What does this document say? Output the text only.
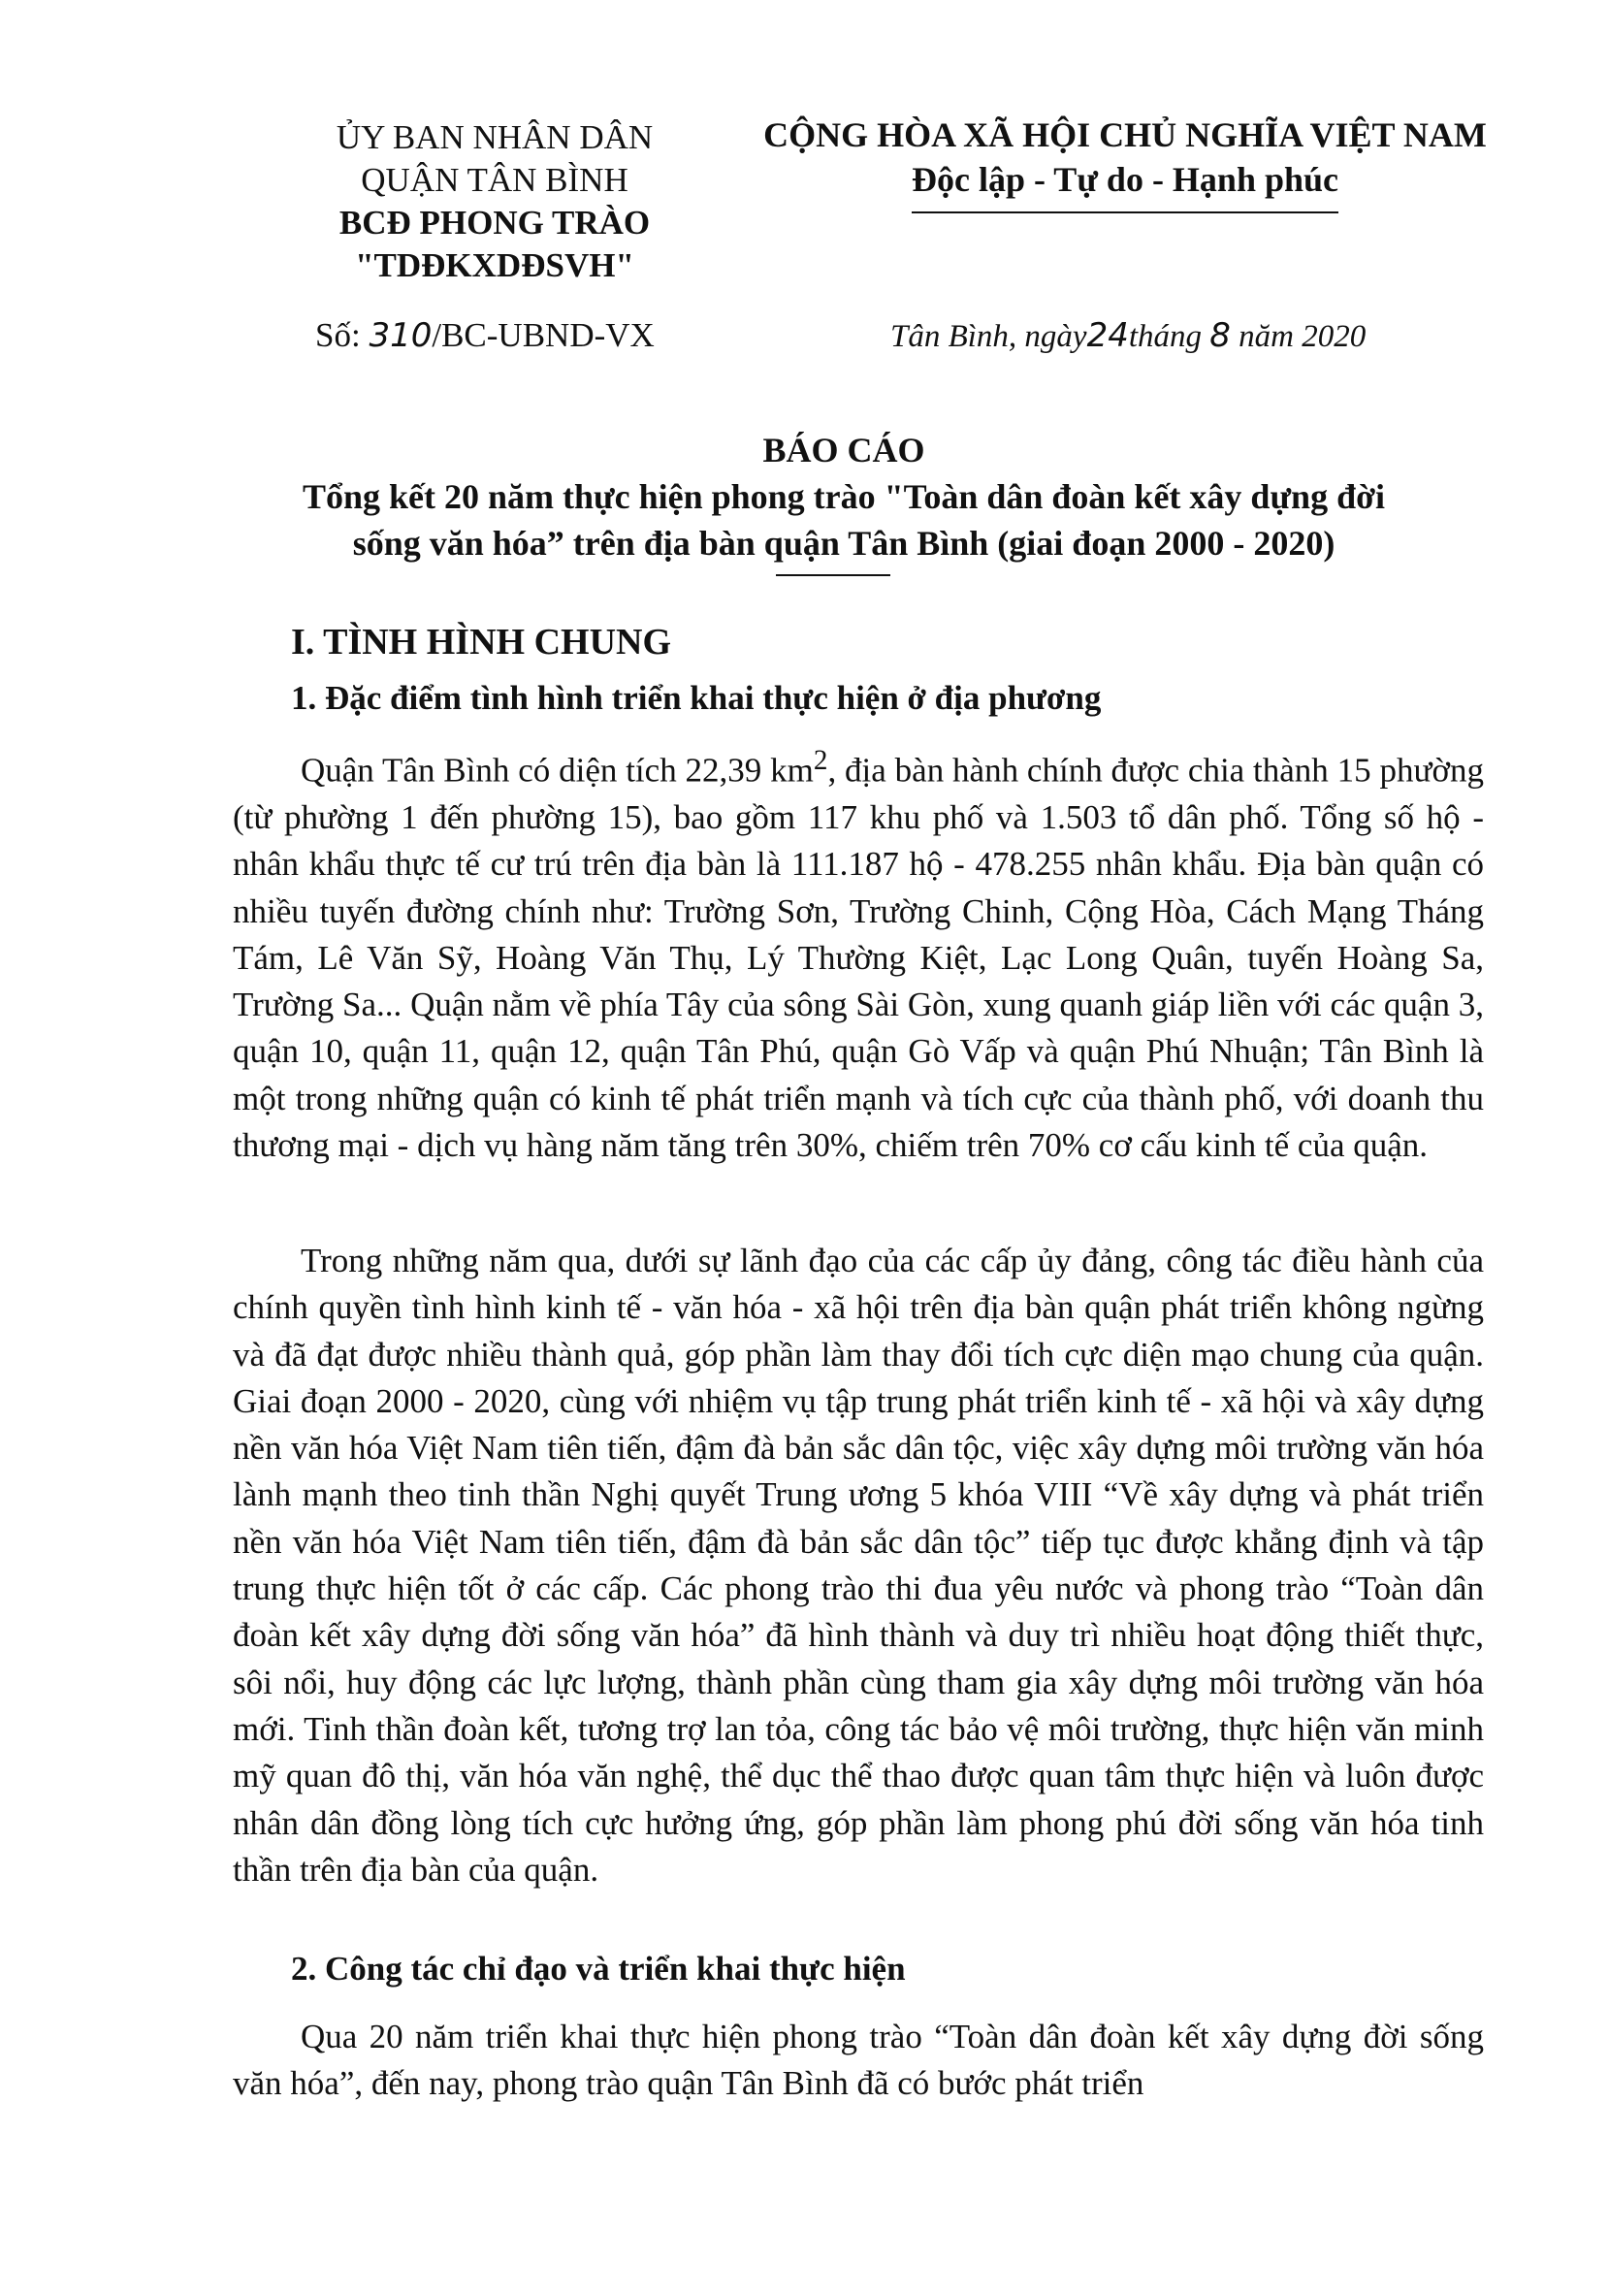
ỦY BAN NHÂN DÂN
QUẬN TÂN BÌNH
BCĐ PHONG TRÀO
"TDĐKXDĐSVH"
CỘNG HÒA XÃ HỘI CHỦ NGHĨA VIỆT NAM
Độc lập - Tự do - Hạnh phúc
Số: 310/BC-UBND-VX	Tân Bình, ngày24tháng 8 năm 2020
BÁO CÁO
Tổng kết 20 năm thực hiện phong trào "Toàn dân đoàn kết xây dựng đời sống văn hóa” trên địa bàn quận Tân Bình (giai đoạn 2000 - 2020)
I. TÌNH HÌNH CHUNG
1. Đặc điểm tình hình triển khai thực hiện ở địa phương
Quận Tân Bình có diện tích 22,39 $km^2$, địa bàn hành chính được chia thành 15 phường (từ phường 1 đến phường 15), bao gồm 117 khu phố và 1.503 tổ dân phố. Tổng số hộ - nhân khẩu thực tế cư trú trên địa bàn là 111.187 hộ - 478.255 nhân khẩu. Địa bàn quận có nhiều tuyến đường chính như: Trường Sơn, Trường Chinh, Cộng Hòa, Cách Mạng Tháng Tám, Lê Văn Sỹ, Hoàng Văn Thụ, Lý Thường Kiệt, Lạc Long Quân, tuyến Hoàng Sa, Trường Sa... Quận nằm về phía Tây của sông Sài Gòn, xung quanh giáp liền với các quận 3, quận 10, quận 11, quận 12, quận Tân Phú, quận Gò Vấp và quận Phú Nhuận; Tân Bình là một trong những quận có kinh tế phát triển mạnh và tích cực của thành phố, với doanh thu thương mại - dịch vụ hàng năm tăng trên 30%, chiếm trên 70% cơ cấu kinh tế của quận.
Trong những năm qua, dưới sự lãnh đạo của các cấp ủy đảng, công tác điều hành của chính quyền tình hình kinh tế - văn hóa - xã hội trên địa bàn quận phát triển không ngừng và đã đạt được nhiều thành quả, góp phần làm thay đổi tích cực diện mạo chung của quận. Giai đoạn 2000 - 2020, cùng với nhiệm vụ tập trung phát triển kinh tế - xã hội và xây dựng nền văn hóa Việt Nam tiên tiến, đậm đà bản sắc dân tộc, việc xây dựng môi trường văn hóa lành mạnh theo tinh thần Nghị quyết Trung ương 5 khóa VIII “Về xây dựng và phát triển nền văn hóa Việt Nam tiên tiến, đậm đà bản sắc dân tộc” tiếp tục được khẳng định và tập trung thực hiện tốt ở các cấp. Các phong trào thi đua yêu nước và phong trào “Toàn dân đoàn kết xây dựng đời sống văn hóa” đã hình thành và duy trì nhiều hoạt động thiết thực, sôi nổi, huy động các lực lượng, thành phần cùng tham gia xây dựng môi trường văn hóa mới. Tinh thần đoàn kết, tương trợ lan tỏa, công tác bảo vệ môi trường, thực hiện văn minh mỹ quan đô thị, văn hóa văn nghệ, thể dục thể thao được quan tâm thực hiện và luôn được nhân dân đồng lòng tích cực hưởng ứng, góp phần làm phong phú đời sống văn hóa tinh thần trên địa bàn của quận.
2. Công tác chỉ đạo và triển khai thực hiện
Qua 20 năm triển khai thực hiện phong trào “Toàn dân đoàn kết xây dựng đời sống văn hóa”, đến nay, phong trào quận Tân Bình đã có bước phát triển
